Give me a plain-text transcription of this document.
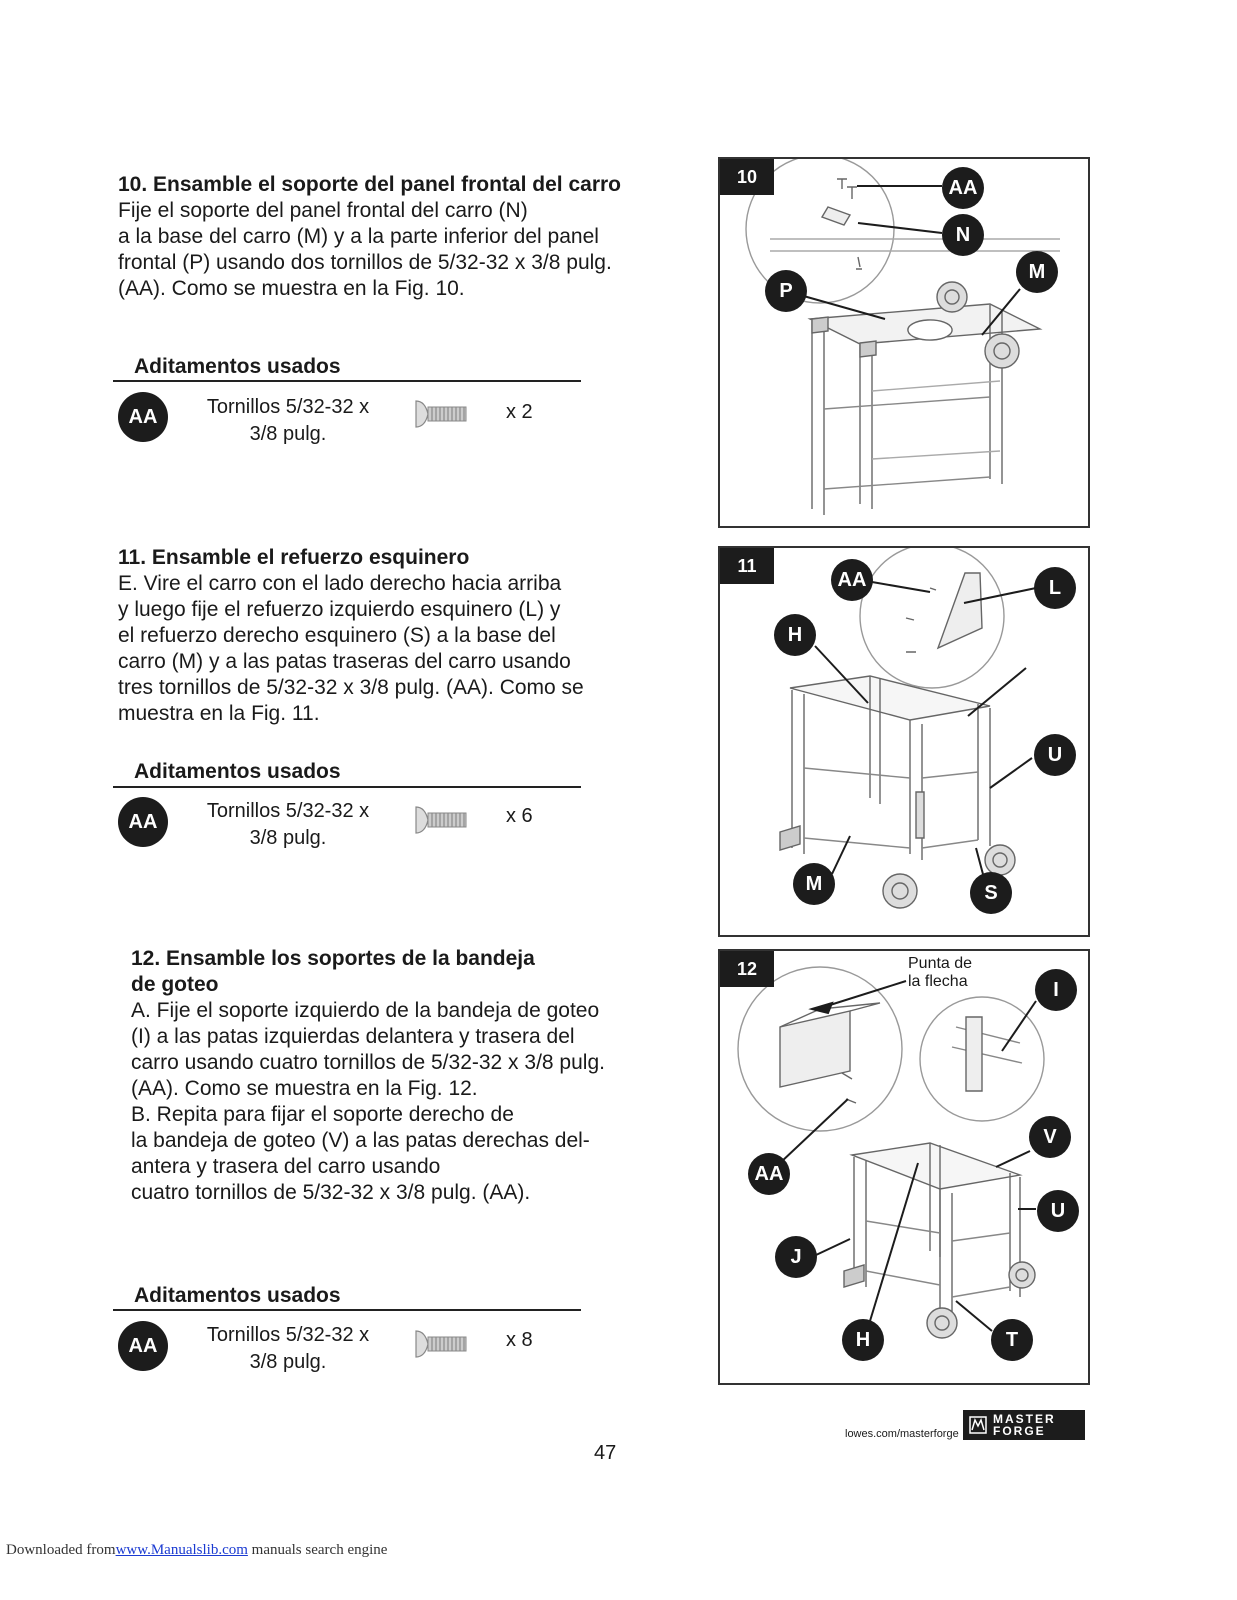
10. Ensamble el soporte del panel frontal del carro
Fije el soporte del panel frontal del carro (N)
a la base del carro (M) y a la parte inferior del panel
frontal (P) usando dos tornillos de 5/32-32 x 3/8 pulg.
(AA). Como se muestra en la Fig. 10.
Aditamentos usados
AA	Tornillos 5/32-32 x
3/8 pulg.
x 2
11. Ensamble el refuerzo esquinero
E. Vire el carro con el lado derecho hacia arriba
y luego fije el refuerzo izquierdo esquinero (L) y
el refuerzo derecho esquinero (S) a la base del
carro (M) y a las patas traseras del carro usando
tres tornillos de 5/32-32 x 3/8 pulg. (AA). Como se
muestra en la Fig. 11.
Aditamentos usados
AA	Tornillos 5/32-32 x
3/8 pulg.
x 6
12. Ensamble los soportes de la bandeja
de goteo
A. Fije el soporte izquierdo de la bandeja de goteo
(I) a las patas izquierdas delantera y trasera del
carro usando cuatro tornillos de 5/32-32 x 3/8 pulg.
(AA). Como se muestra en la Fig. 12.
B. Repita para fijar el soporte derecho de
la bandeja de goteo (V) a las patas derechas del-
antera y trasera del carro usando
cuatro tornillos de 5/32-32 x 3/8 pulg. (AA).
Aditamentos usados
AA	Tornillos 5/32-32 x
3/8 pulg.
x 8
10	AA
N
M
P
11
AA	L
H
U
M	S
12	Punta de
la flecha	I
V
AA
U
J
H	T
lowes.com/masterforge
MASTER
FORGE
47
Downloaded fromwww.Manualslib.com manuals search engine
